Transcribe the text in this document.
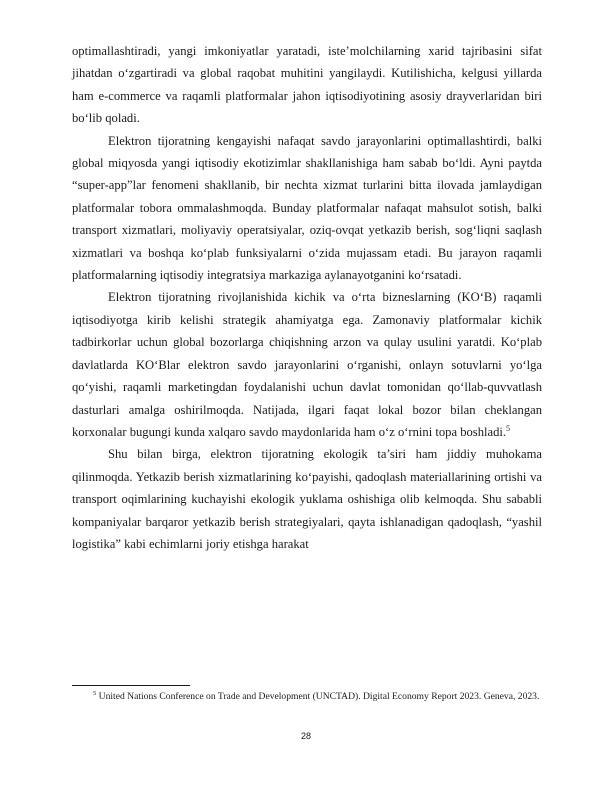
optimallashtiradi, yangi imkoniyatlar yaratadi, iste’molchilarning xarid tajribasini sifat jihatdan o‘zgartiradi va global raqobat muhitini yangilaydi. Kutilishicha, kelgusi yillarda ham e-commerce va raqamli platformalar jahon iqtisodiyotining asosiy drayverlaridan biri bo‘lib qoladi.

Elektron tijoratning kengayishi nafaqat savdo jarayonlarini optimallashtirdi, balki global miqyosda yangi iqtisodiy ekotizimlar shakllanishiga ham sabab bo‘ldi. Ayni paytda “super-app”lar fenomeni shakllanib, bir nechta xizmat turlarini bitta ilovada jamlaydigan platformalar tobora ommalashmoqda. Bunday platformalar nafaqat mahsulot sotish, balki transport xizmatlari, moliyaviy operatsiyalar, oziq-ovqat yetkazib berish, sog‘liqni saqlash xizmatlari va boshqa ko‘plab funksiyalarni o‘zida mujassam etadi. Bu jarayon raqamli platformalarning iqtisodiy integratsiya markaziga aylanayotganini ko‘rsatadi.

Elektron tijoratning rivojlanishida kichik va o‘rta bizneslarning (KO‘B) raqamli iqtisodiyotga kirib kelishi strategik ahamiyatga ega. Zamonaviy platformalar kichik tadbirkorlar uchun global bozorlarga chiqishning arzon va qulay usulini yaratdi. Ko‘plab davlatlarda KO‘Blar elektron savdo jarayonlarini o‘rganishi, onlayn sotuvlarni yo‘lga qo‘yishi, raqamli marketingdan foydalanishi uchun davlat tomonidan qo‘llab-quvvatlash dasturlari amalga oshirilmoqda. Natijada, ilgari faqat lokal bozor bilan cheklangan korxonalar bugungi kunda xalqaro savdo maydonlarida ham o‘z o‘rnini topa boshladi.$^5$

Shu bilan birga, elektron tijoratning ekologik ta’siri ham jiddiy muhokama qilinmoqda. Yetkazib berish xizmatlarining ko‘payishi, qadoqlash materiallarining ortishi va transport oqimlarining kuchayishi ekologik yuklama oshishiga olib kelmoqda. Shu sababli kompaniyalar barqaror yetkazib berish strategiyalari, qayta ishlanadigan qadoqlash, “yashil logistika” kabi echimlarni joriy etishga harakat

$^5$ United Nations Conference on Trade and Development (UNCTAD). Digital Economy Report 2023. Geneva, 2023.
28
